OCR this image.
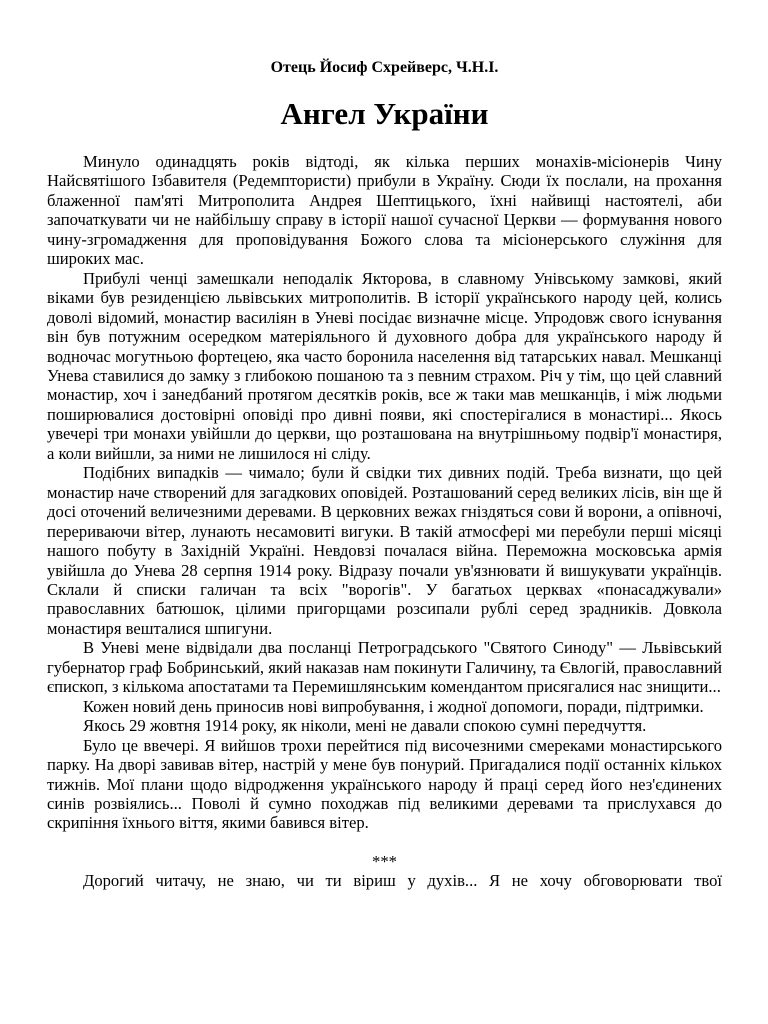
Отець Йосиф Схрейверс, Ч.Н.І.
Ангел України

Минуло одинадцять років відтоді, як кілька перших монахів-місіонерів Чину Найсвятішого Ізбавителя (Редемптористи) прибули в Україну. Сюди їх послали, на прохання блаженної пам'яті Митрополита Андрея Шептицького, їхні найвищі настоятелі, аби започаткувати чи не найбільшу справу в історії нашої сучасної Церкви — формування нового чину-згромадження для проповідування Божого слова та місіонерського служіння для широких мас.

Прибулі ченці замешкали неподалік Якторова, в славному Унівському замкові, який віками був резиденцією львівських митрополитів. В історії українського народу цей, колись доволі відомий, монастир василіян в Уневі посідає визначне місце. Упродовж свого існування він був потужним осередком матеріяльного й духовного добра для українського народу й водночас могутньою фортецею, яка часто боронила населення від татарських навал. Мешканці Унева ставилися до замку з глибокою пошаною та з певним страхом. Річ у тім, що цей славний монастир, хоч і занедбаний протягом десятків років, все ж таки мав мешканців, і між людьми поширювалися достовірні оповіді про дивні появи, які спостерігалися в монастирі... Якось увечері три монахи увійшли до церкви, що розташована на внутрішньому подвір'ї монастиря, а коли вийшли, за ними не лишилося ні сліду.

Подібних випадків — чимало; були й свідки тих дивних подій. Треба визнати, що цей монастир наче створений для загадкових оповідей. Розташований серед великих лісів, він ще й досі оточений величезними деревами. В церковних вежах гніздяться сови й ворони, а опівночі, перериваючи вітер, лунають несамовиті вигуки. В такій атмосфері ми перебули перші місяці нашого побуту в Західній Україні. Невдовзі почалася війна. Переможна московська армія увійшла до Унева 28 серпня 1914 року. Відразу почали ув'язнювати й вишукувати українців. Склали й списки галичан та всіх "ворогів". У багатьох церквах «понасаджували» православних батюшок, цілими пригорщами розсипали рублі серед зрадників. Довкола монастиря вешталися шпигуни.

В Уневі мене відвідали два посланці Петроградського "Святого Синоду" — Львівський губернатор граф Бобринський, який наказав нам покинути Галичину, та Євлогій, православний єпископ, з кількома апостатами та Перемишлянським комендантом присягалися нас знищити...

Кожен новий день приносив нові випробування, і жодної допомоги, поради, підтримки.

Якось 29 жовтня 1914 року, як ніколи, мені не давали спокою сумні передчуття.

Було це ввечері. Я вийшов трохи перейтися під височезними смереками монастирського парку. На дворі завивав вітер, настрій у мене був понурий. Пригадалися події останніх кількох тижнів. Мої плани щодо відродження українського народу й праці серед його нез'єдинених синів розвіялись... Поволі й сумно походжав під великими деревами та прислухався до скрипіння їхнього віття, якими бавився вітер.

***

Дорогий читачу, не знаю, чи ти віриш у духів... Я не хочу обговорювати твої
